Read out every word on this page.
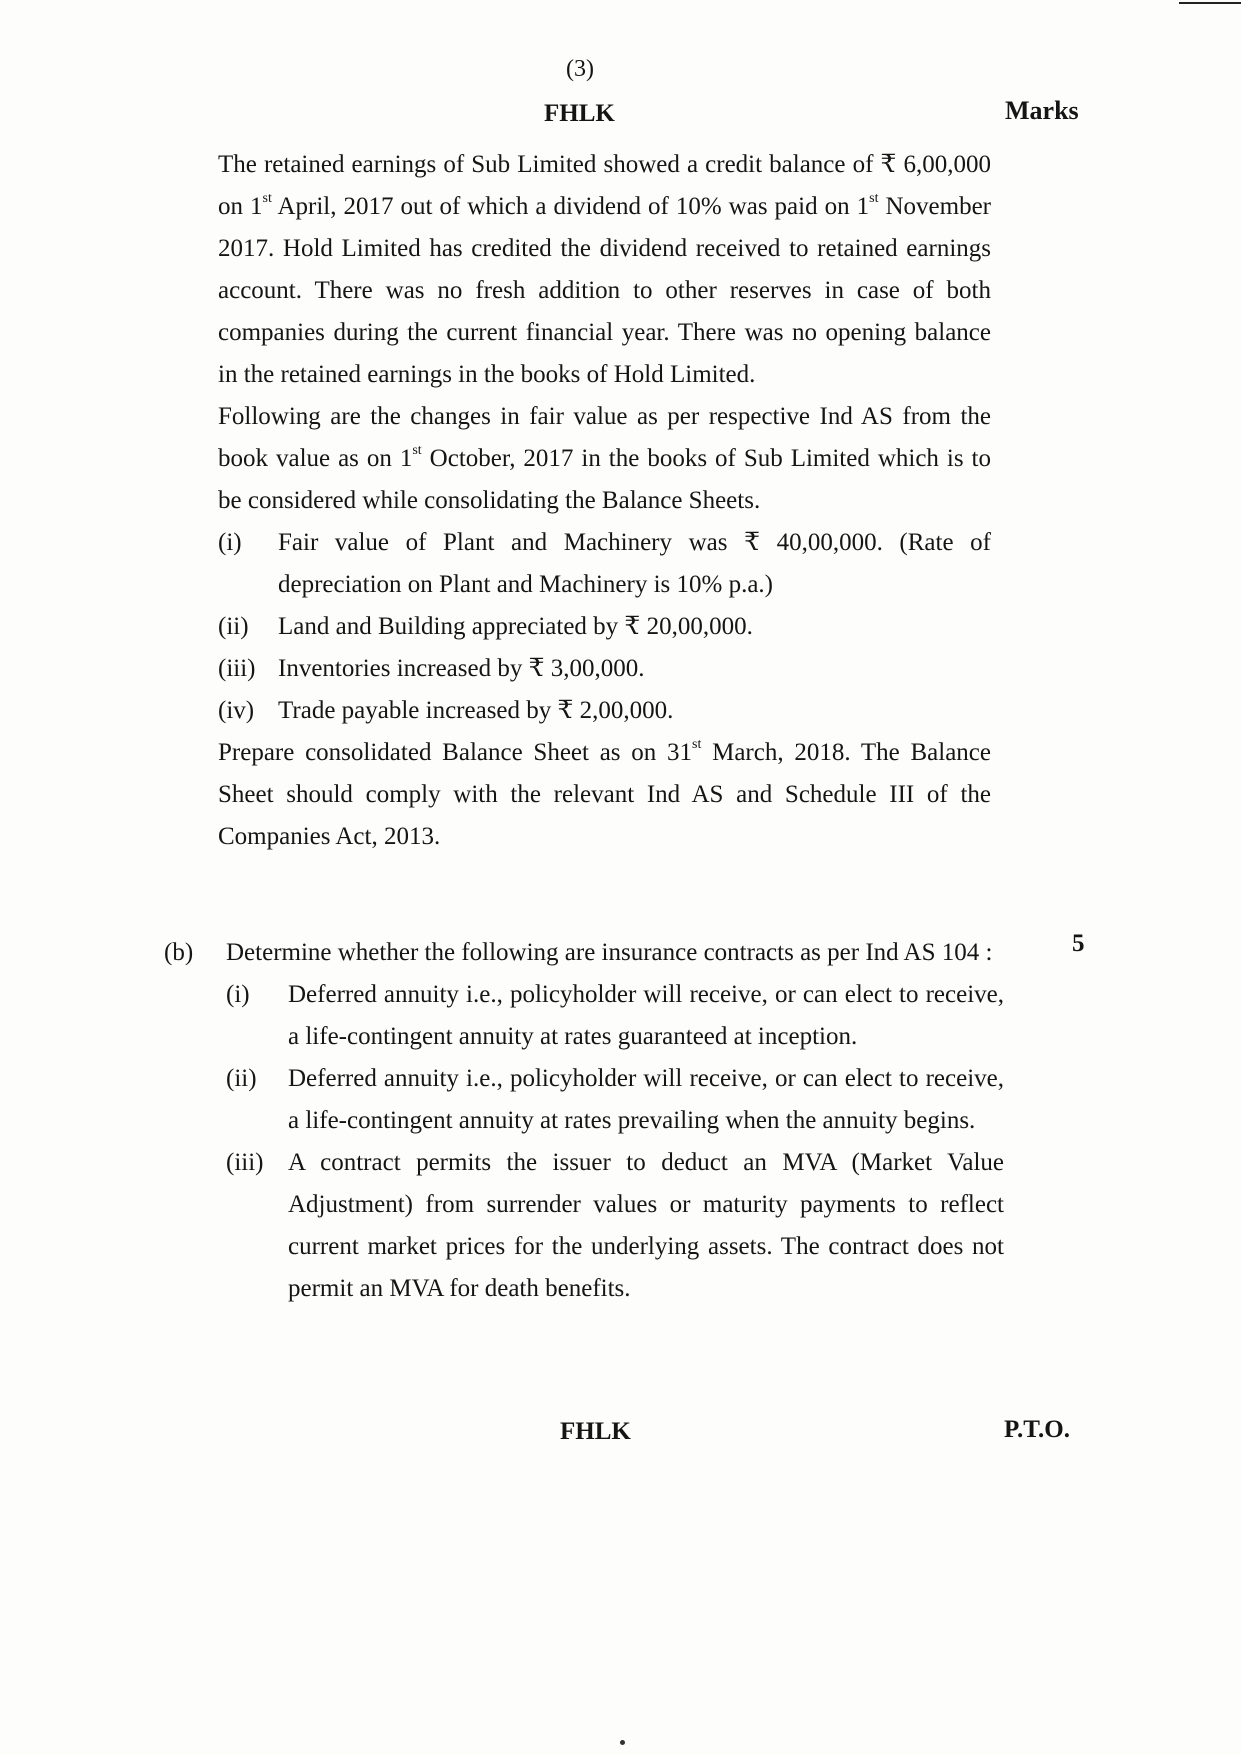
(3)
FHLK	Marks

The retained earnings of Sub Limited showed a credit balance of ₹ 6,00,000 on 1st April, 2017 out of which a dividend of 10% was paid on 1st November 2017. Hold Limited has credited the dividend received to retained earnings account. There was no fresh addition to other reserves in case of both companies during the current financial year. There was no opening balance in the retained earnings in the books of Hold Limited.

Following are the changes in fair value as per respective Ind AS from the book value as on 1st October, 2017 in the books of Sub Limited which is to be considered while consolidating the Balance Sheets.

(i)	Fair value of Plant and Machinery was ₹ 40,00,000. (Rate of depreciation on Plant and Machinery is 10% p.a.)
(ii)	Land and Building appreciated by ₹ 20,00,000.
(iii) Inventories increased by ₹ 3,00,000.
(iv) Trade payable increased by ₹ 2,00,000.

Prepare consolidated Balance Sheet as on 31st March, 2018. The Balance Sheet should comply with the relevant Ind AS and Schedule III of the Companies Act, 2013.

5
(b) Determine whether the following are insurance contracts as per Ind AS 104 :

(i)	Deferred annuity i.e., policyholder will receive, or can elect to receive, a life-contingent annuity at rates guaranteed at inception.
(ii)	Deferred annuity i.e., policyholder will receive, or can elect to receive, a life-contingent annuity at rates prevailing when the annuity begins.
(iii) A contract permits the issuer to deduct an MVA (Market Value Adjustment) from surrender values or maturity payments to reflect current market prices for the underlying assets. The contract does not permit an MVA for death benefits.
FHLK	P.T.O.
